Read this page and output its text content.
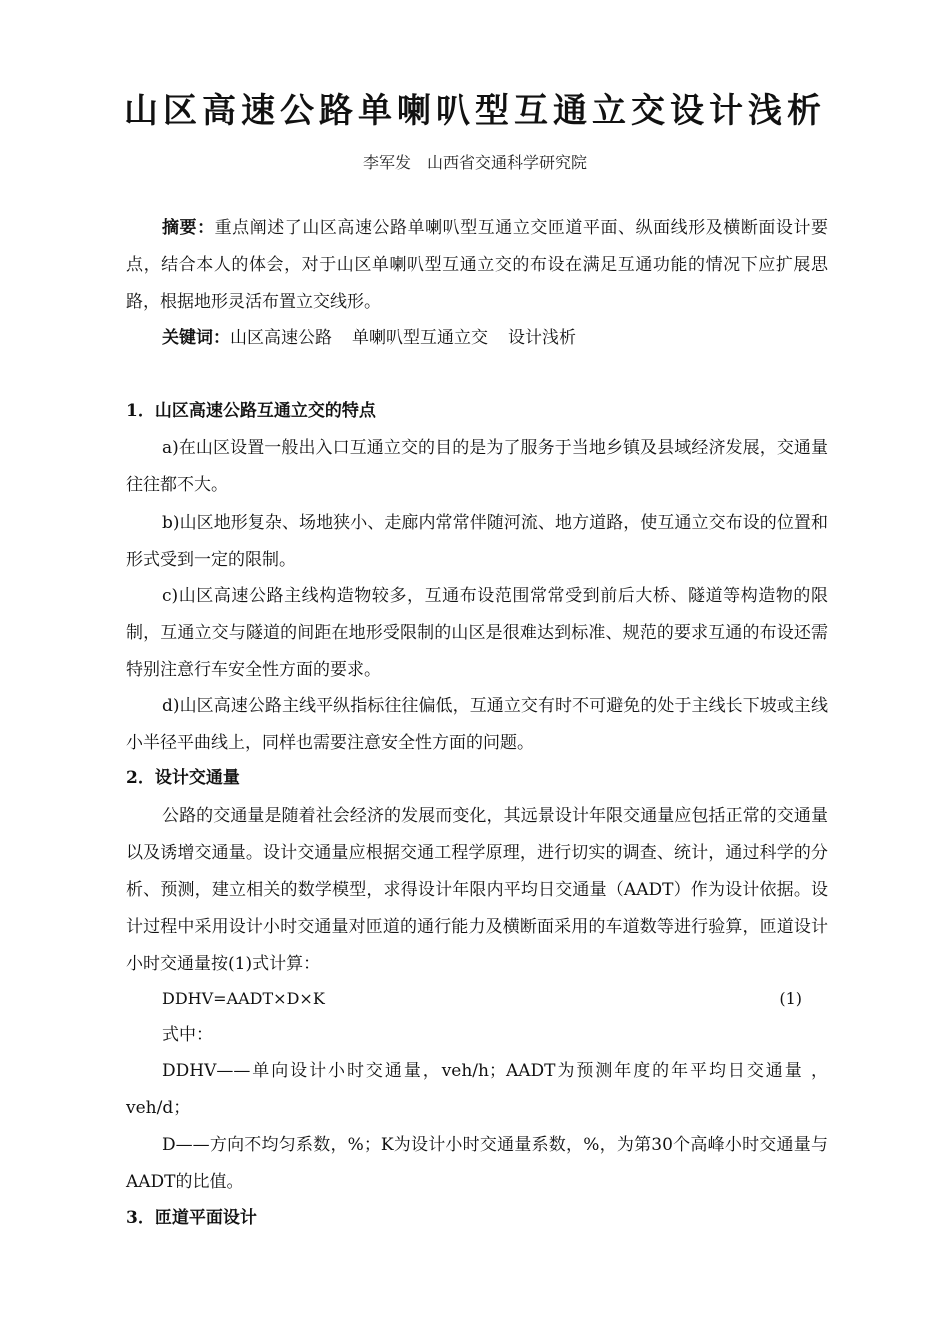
山区高速公路单喇叭型互通立交设计浅析
李军发 山西省交通科学研究院
摘要：重点阐述了山区高速公路单喇叭型互通立交匝道平面、纵面线形及横断面设计要点，结合本人的体会，对于山区单喇叭型互通立交的布设在满足互通功能的情况下应扩展思路，根据地形灵活布置立交线形。
关键词：山区高速公路 单喇叭型互通立交 设计浅析
1．山区高速公路互通立交的特点
a)在山区设置一般出入口互通立交的目的是为了服务于当地乡镇及县域经济发展，交通量往往都不大。
b)山区地形复杂、场地狭小、走廊内常常伴随河流、地方道路，使互通立交布设的位置和形式受到一定的限制。
c)山区高速公路主线构造物较多，互通布设范围常常受到前后大桥、隧道等构造物的限制，互通立交与隧道的间距在地形受限制的山区是很难达到标准、规范的要求互通的布设还需特别注意行车安全性方面的要求。
d)山区高速公路主线平纵指标往往偏低，互通立交有时不可避免的处于主线长下坡或主线小半径平曲线上，同样也需要注意安全性方面的问题。
2．设计交通量
公路的交通量是随着社会经济的发展而变化，其远景设计年限交通量应包括正常的交通量以及诱增交通量。设计交通量应根据交通工程学原理，进行切实的调查、统计，通过科学的分析、预测，建立相关的数学模型，求得设计年限内平均日交通量（AADT）作为设计依据。设计过程中采用设计小时交通量对匝道的通行能力及横断面采用的车道数等进行验算，匝道设计小时交通量按(1)式计算：
DDHV=AADT×D×K	(1)
式中：
DDHV——单向设计小时交通量，veh/h；AADT为预测年度的年平均日交通量 ，veh/d；
D——方向不均匀系数，%；K为设计小时交通量系数，%，为第30个高峰小时交通量与AADT的比值。
3．匝道平面设计
